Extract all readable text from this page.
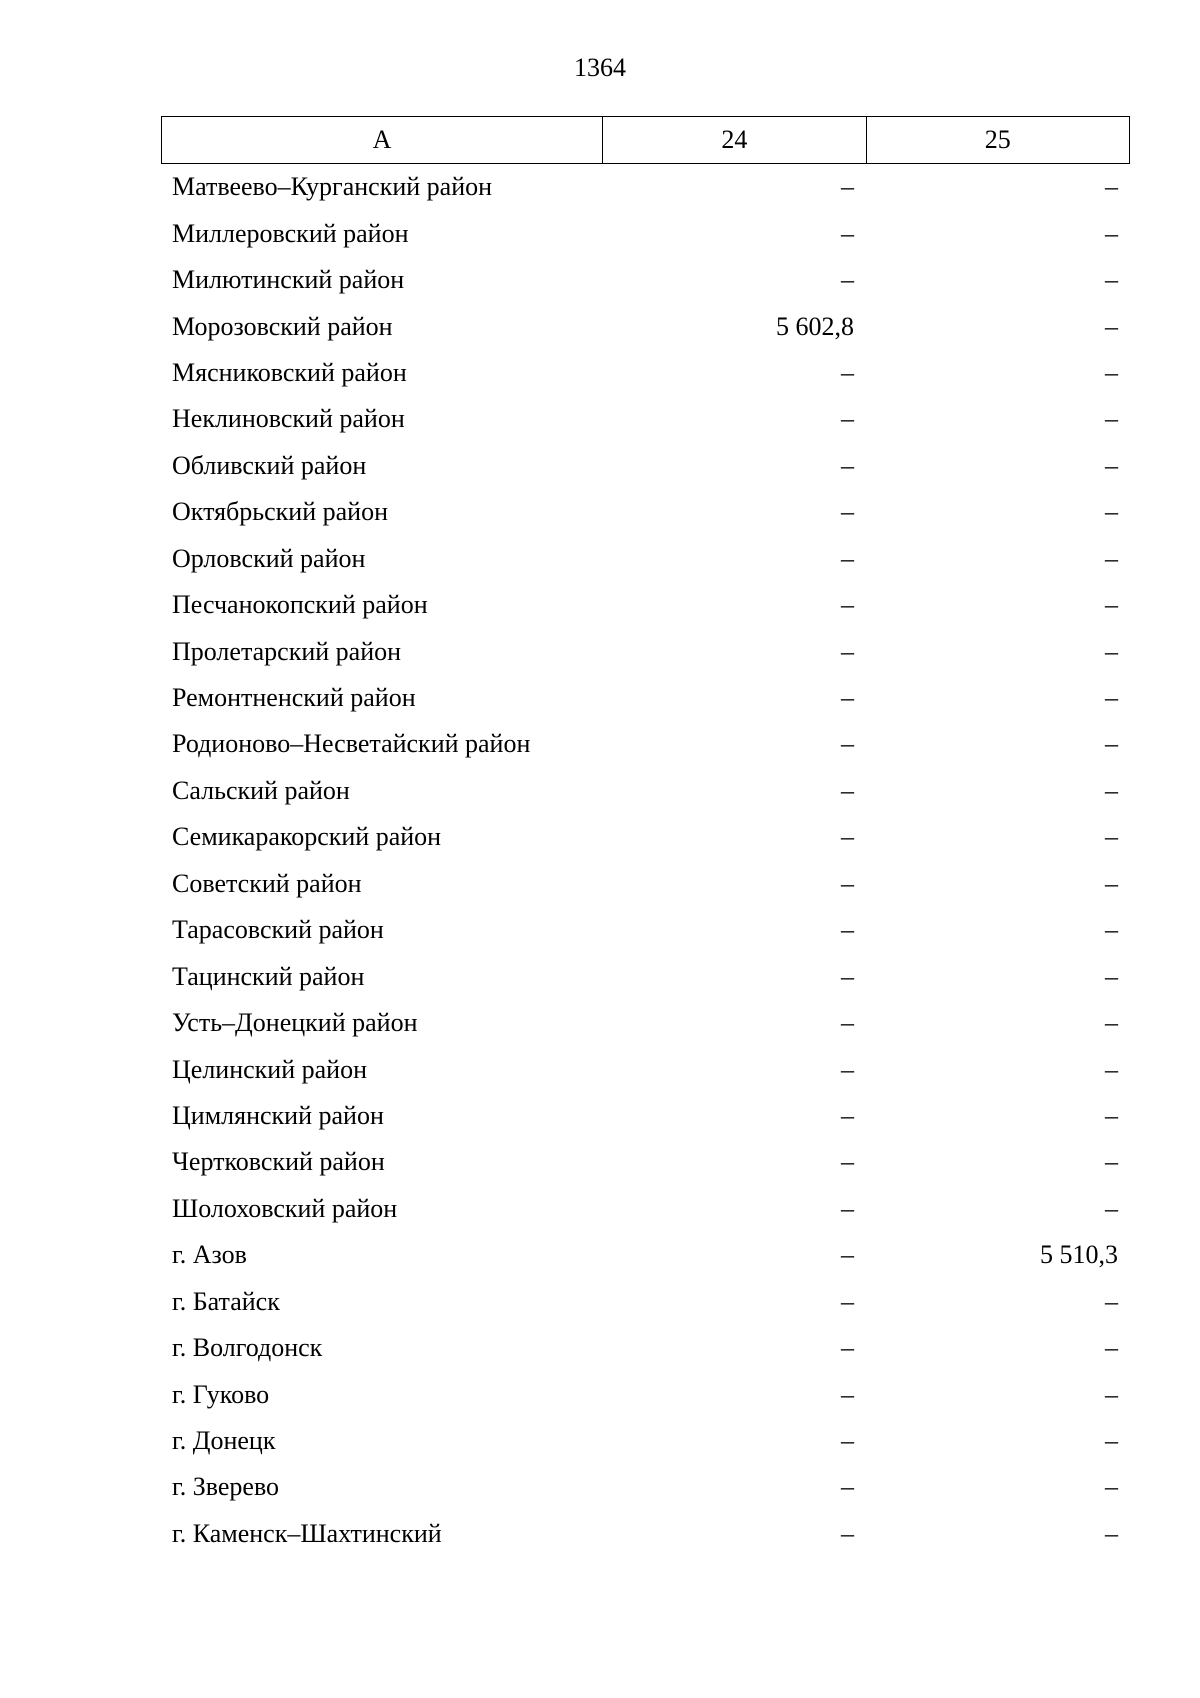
1364
А	24	25
Матвеево–Курганский район	–	–
Миллеровский район	–	–
Милютинский район	–	–
Морозовский район	5 602,8	–
Мясниковский район	–	–
Неклиновский район	–	–
Обливский район	–	–
Октябрьский район	–	–
Орловский район	–	–
Песчанокопский район	–	–
Пролетарский район	–	–
Ремонтненский район	–	–
Родионово–Несветайский район	–	–
Сальский район	–	–
Семикаракорский район	–	–
Советский район	–	–
Тарасовский район	–	–
Тацинский район	–	–
Усть–Донецкий район	–	–
Целинский район	–	–
Цимлянский район	–	–
Чертковский район	–	–
Шолоховский район	–	–
г. Азов	–	5 510,3
г. Батайск	–	–
г. Волгодонск	–	–
г. Гуково	–	–
г. Донецк	–	–
г. Зверево	–	–
г. Каменск–Шахтинский	–	–
